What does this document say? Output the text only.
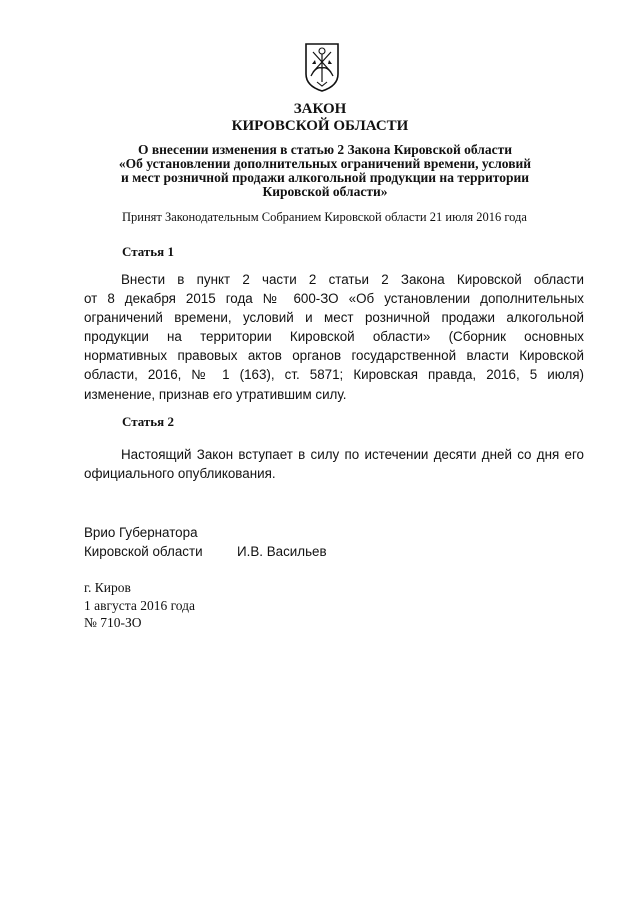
ЗАКОН
КИРОВСКОЙ ОБЛАСТИ
О внесении изменения в статью 2 Закона Кировской области
«Об установлении дополнительных ограничений времени, условий
и мест розничной продажи алкогольной продукции на территории
Кировской области»
Принят Законодательным Собранием Кировской области 21 июля 2016 года
Статья 1
Внести в пункт 2 части 2 статьи 2 Закона Кировской области
от 8 декабря 2015 года № 600-ЗО «Об установлении дополнительных
ограничений времени, условий и мест розничной продажи алкогольной
продукции на территории Кировской области» (Сборник основных
нормативных правовых актов органов государственной власти Кировской
области, 2016, № 1 (163), ст. 5871; Кировская правда, 2016, 5 июля)
изменение, признав его утратившим силу.
Статья 2
Настоящий Закон вступает в силу по истечении десяти дней со дня его
официального опубликования.
Врио Губернатора
Кировской области	И.В. Васильев
г. Киров
1 августа 2016 года
№ 710-ЗО
